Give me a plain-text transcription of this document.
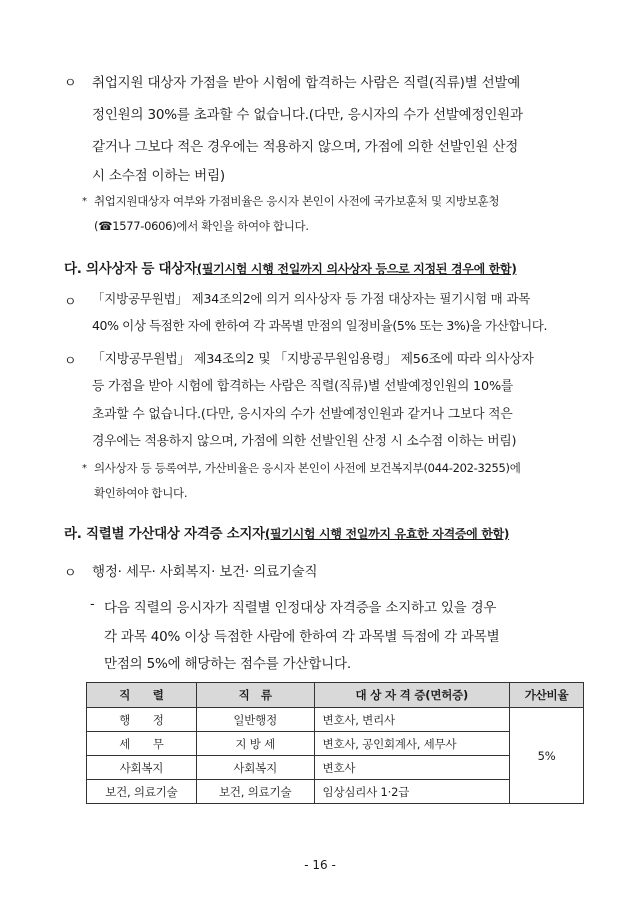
ㅇ 취업지원 대상자 가점을 받아 시험에 합격하는 사람은 직렬(직류)별 선발예
정인원의 30%를 초과할 수 없습니다.(다만, 응시자의 수가 선발예정인원과
같거나 그보다 적은 경우에는 적용하지 않으며, 가점에 의한 선발인원 산정
시 소수점 이하는 버림)
* 취업지원대상자 여부와 가점비율은 응시자 본인이 사전에 국가보훈처 및 지방보훈청
(☎1577-0606)에서 확인을 하여야 합니다.
다. 의사상자 등 대상자(필기시험 시행 전일까지 의사상자 등으로 지정된 경우에 한함)
ㅇ 「지방공무원법」 제34조의2에 의거 의사상자 등 가점 대상자는 필기시험 매 과목
40% 이상 득점한 자에 한하여 각 과목별 만점의 일정비율(5% 또는 3%)을 가산합니다.
ㅇ 「지방공무원법」 제34조의2 및 「지방공무원임용령」 제56조에 따라 의사상자
등 가점을 받아 시험에 합격하는 사람은 직렬(직류)별 선발예정인원의 10%를
초과할 수 없습니다.(다만, 응시자의 수가 선발예정인원과 같거나 그보다 적은
경우에는 적용하지 않으며, 가점에 의한 선발인원 산정 시 소수점 이하는 버림)
* 의사상자 등 등록여부, 가산비율은 응시자 본인이 사전에 보건복지부(044-202-3255)에
확인하여야 합니다.
라. 직렬별 가산대상 자격증 소지자(필기시험 시행 전일까지 유효한 자격증에 한함)
ㅇ 행정· 세무· 사회복지· 보건· 의료기술직
- 다음 직렬의 응시자가 직렬별 인정대상 자격증을 소지하고 있을 경우
각 과목 40% 이상 득점한 사람에 한하여 각 과목별 득점에 각 과목별
만점의 5%에 해당하는 점수를 가산합니다.
직　　렬	직　류	대 상 자 격 증(면허증)	가산비율
행　　정	일반행정	변호사, 변리사	5%
세　　무	지 방 세	변호사, 공인회계사, 세무사	
사회복지	사회복지	변호사	
보건, 의료기술	보건, 의료기술	임상심리사 1·2급	
- 16 -
